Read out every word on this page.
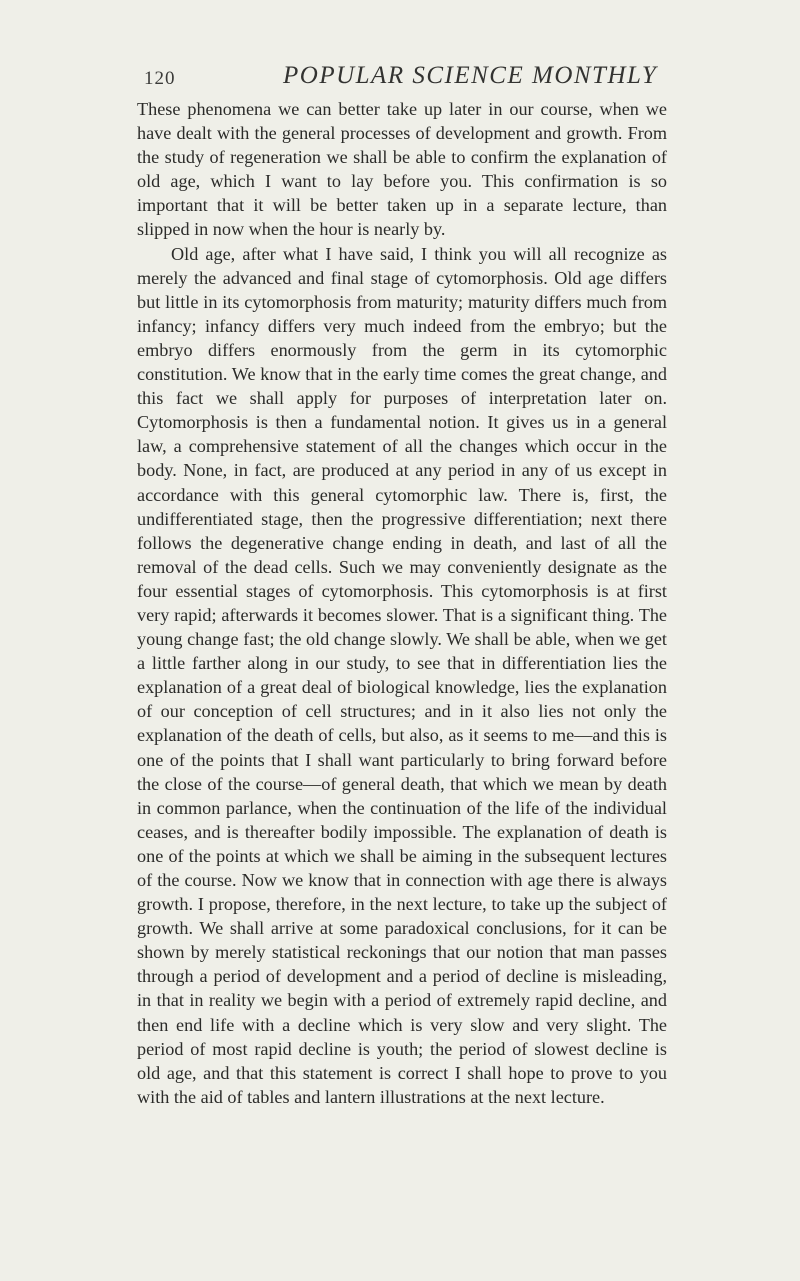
120	POPULAR SCIENCE MONTHLY

These phenomena we can better take up later in our course, when we have dealt with the general processes of development and growth. From the study of regeneration we shall be able to confirm the explanation of old age, which I want to lay before you. This confirmation is so important that it will be better taken up in a separate lecture, than slipped in now when the hour is nearly by.

Old age, after what I have said, I think you will all recognize as merely the advanced and final stage of cytomorphosis. Old age differs but little in its cytomorphosis from maturity; maturity differs much from infancy; infancy differs very much indeed from the embryo; but the embryo differs enormously from the germ in its cytomorphic constitution. We know that in the early time comes the great change, and this fact we shall apply for purposes of interpretation later on. Cytomorphosis is then a fundamental notion. It gives us in a general law, a comprehensive statement of all the changes which occur in the body. None, in fact, are produced at any period in any of us except in accordance with this general cytomorphic law. There is, first, the undifferentiated stage, then the progressive differentiation; next there follows the degenerative change ending in death, and last of all the removal of the dead cells. Such we may conveniently designate as the four essential stages of cytomorphosis. This cytomorphosis is at first very rapid; afterwards it becomes slower. That is a significant thing. The young change fast; the old change slowly. We shall be able, when we get a little farther along in our study, to see that in differentiation lies the explanation of a great deal of biological knowledge, lies the explanation of our conception of cell structures; and in it also lies not only the explanation of the death of cells, but also, as it seems to me—and this is one of the points that I shall want particularly to bring forward before the close of the course—of general death, that which we mean by death in common parlance, when the continuation of the life of the individual ceases, and is thereafter bodily impossible. The explanation of death is one of the points at which we shall be aiming in the subsequent lectures of the course. Now we know that in connection with age there is always growth. I propose, therefore, in the next lecture, to take up the subject of growth. We shall arrive at some paradoxical conclusions, for it can be shown by merely statistical reckonings that our notion that man passes through a period of development and a period of decline is misleading, in that in reality we begin with a period of extremely rapid decline, and then end life with a decline which is very slow and very slight. The period of most rapid decline is youth; the period of slowest decline is old age, and that this statement is correct I shall hope to prove to you with the aid of tables and lantern illustrations at the next lecture.
